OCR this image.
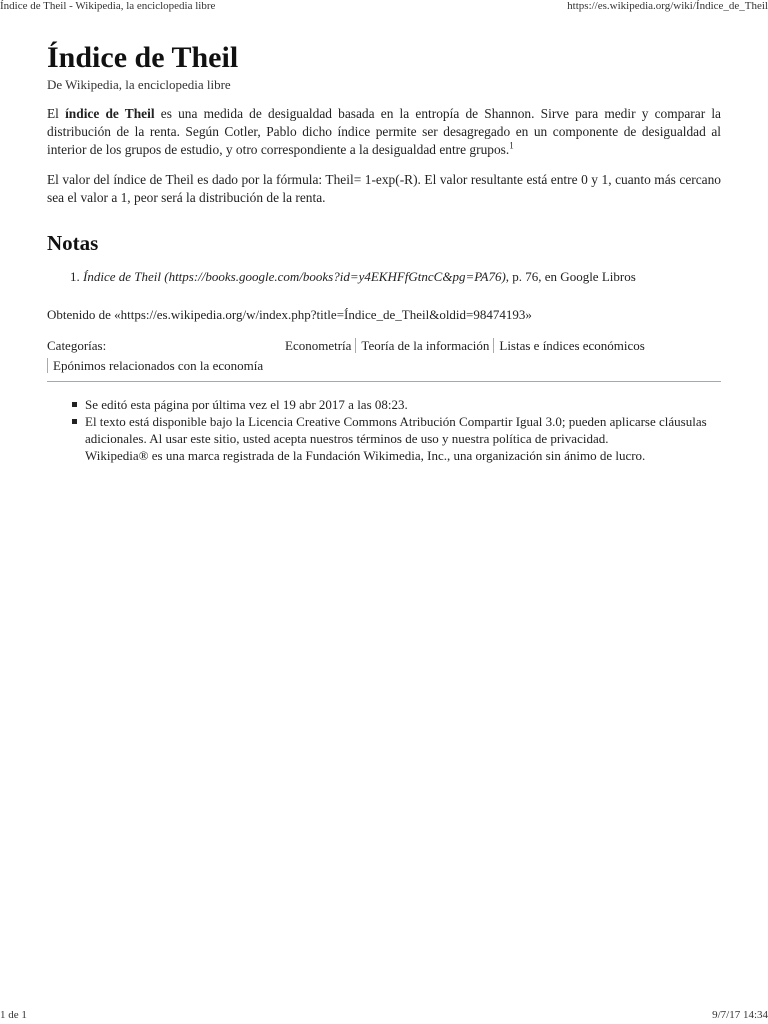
Índice de Theil - Wikipedia, la enciclopedia libre	https://es.wikipedia.org/wiki/Índice_de_Theil
Índice de Theil
De Wikipedia, la enciclopedia libre

El índice de Theil es una medida de desigualdad basada en la entropía de Shannon. Sirve para medir y comparar la distribución de la renta. Según Cotler, Pablo dicho índice permite ser desagregado en un componente de desigualdad al interior de los grupos de estudio, y otro correspondiente a la desigualdad entre grupos.$^1$

El valor del índice de Theil es dado por la fórmula: Theil= 1-exp(-R). El valor resultante está entre 0 y 1, cuanto más cercano sea el valor a 1, peor será la distribución de la renta.

Notas
1. Índice de Theil (https://books.google.com/books?id=y4EKHFfGtncC&pg=PA76), p. 76, en Google Libros
Obtenido de «https://es.wikipedia.org/w/index.php?title=Índice_de_Theil&oldid=98474193»
Categorías:	Econometría Teoría de la información Listas e índices económicos
Epónimos relacionados con la economía
Se editó esta página por última vez el 19 abr 2017 a las 08:23.
El texto está disponible bajo la Licencia Creative Commons Atribución Compartir Igual 3.0; pueden aplicarse cláusulas adicionales. Al usar este sitio, usted acepta nuestros términos de uso y nuestra política de privacidad.
Wikipedia® es una marca registrada de la Fundación Wikimedia, Inc., una organización sin ánimo de lucro.
1 de 1	9/7/17 14:34
